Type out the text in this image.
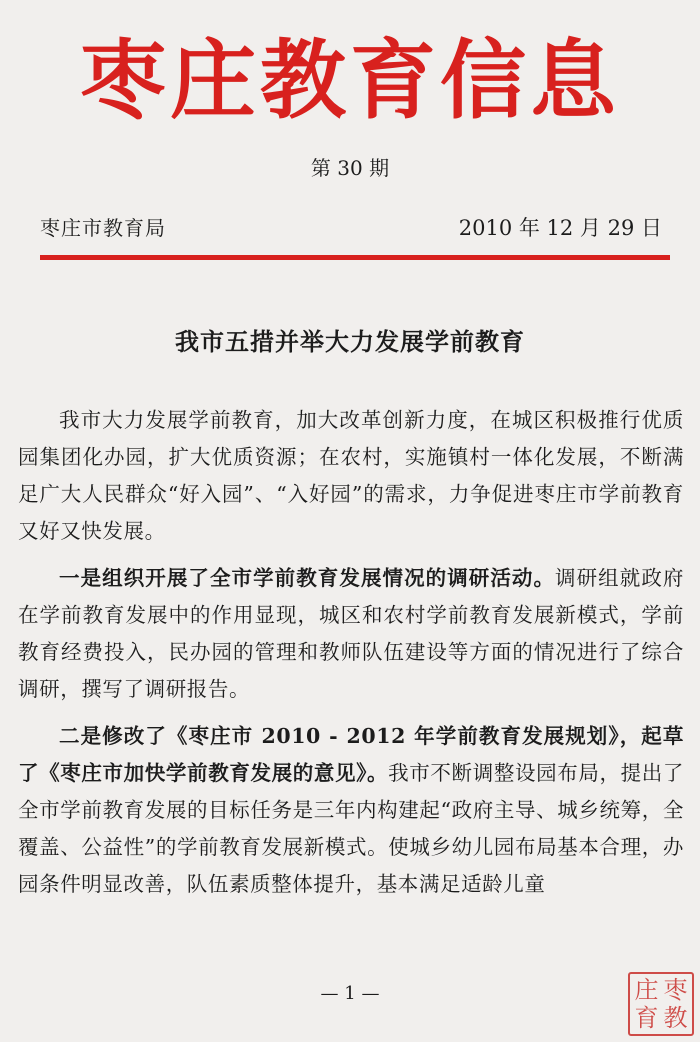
枣庄教育信息
第 30 期
枣庄市教育局	2010 年 12 月 29 日
我市五措并举大力发展学前教育

我市大力发展学前教育，加大改革创新力度，在城区积极推行优质园集团化办园，扩大优质资源；在农村，实施镇村一体化发展，不断满足广大人民群众“好入园”、“入好园”的需求，力争促进枣庄市学前教育又好又快发展。

一是组织开展了全市学前教育发展情况的调研活动。调研组就政府在学前教育发展中的作用显现，城区和农村学前教育发展新模式，学前教育经费投入，民办园的管理和教师队伍建设等方面的情况进行了综合调研，撰写了调研报告。

二是修改了《枣庄市 2010 - 2012 年学前教育发展规划》，起草了《枣庄市加快学前教育发展的意见》。我市不断调整设园布局，提出了全市学前教育发展的目标任务是三年内构建起“政府主导、城乡统筹，全覆盖、公益性”的学前教育发展新模式。使城乡幼儿园布局基本合理，办园条件明显改善，队伍素质整体提升，基本满足适龄儿童

— 1 —	庄 枣
育 教
